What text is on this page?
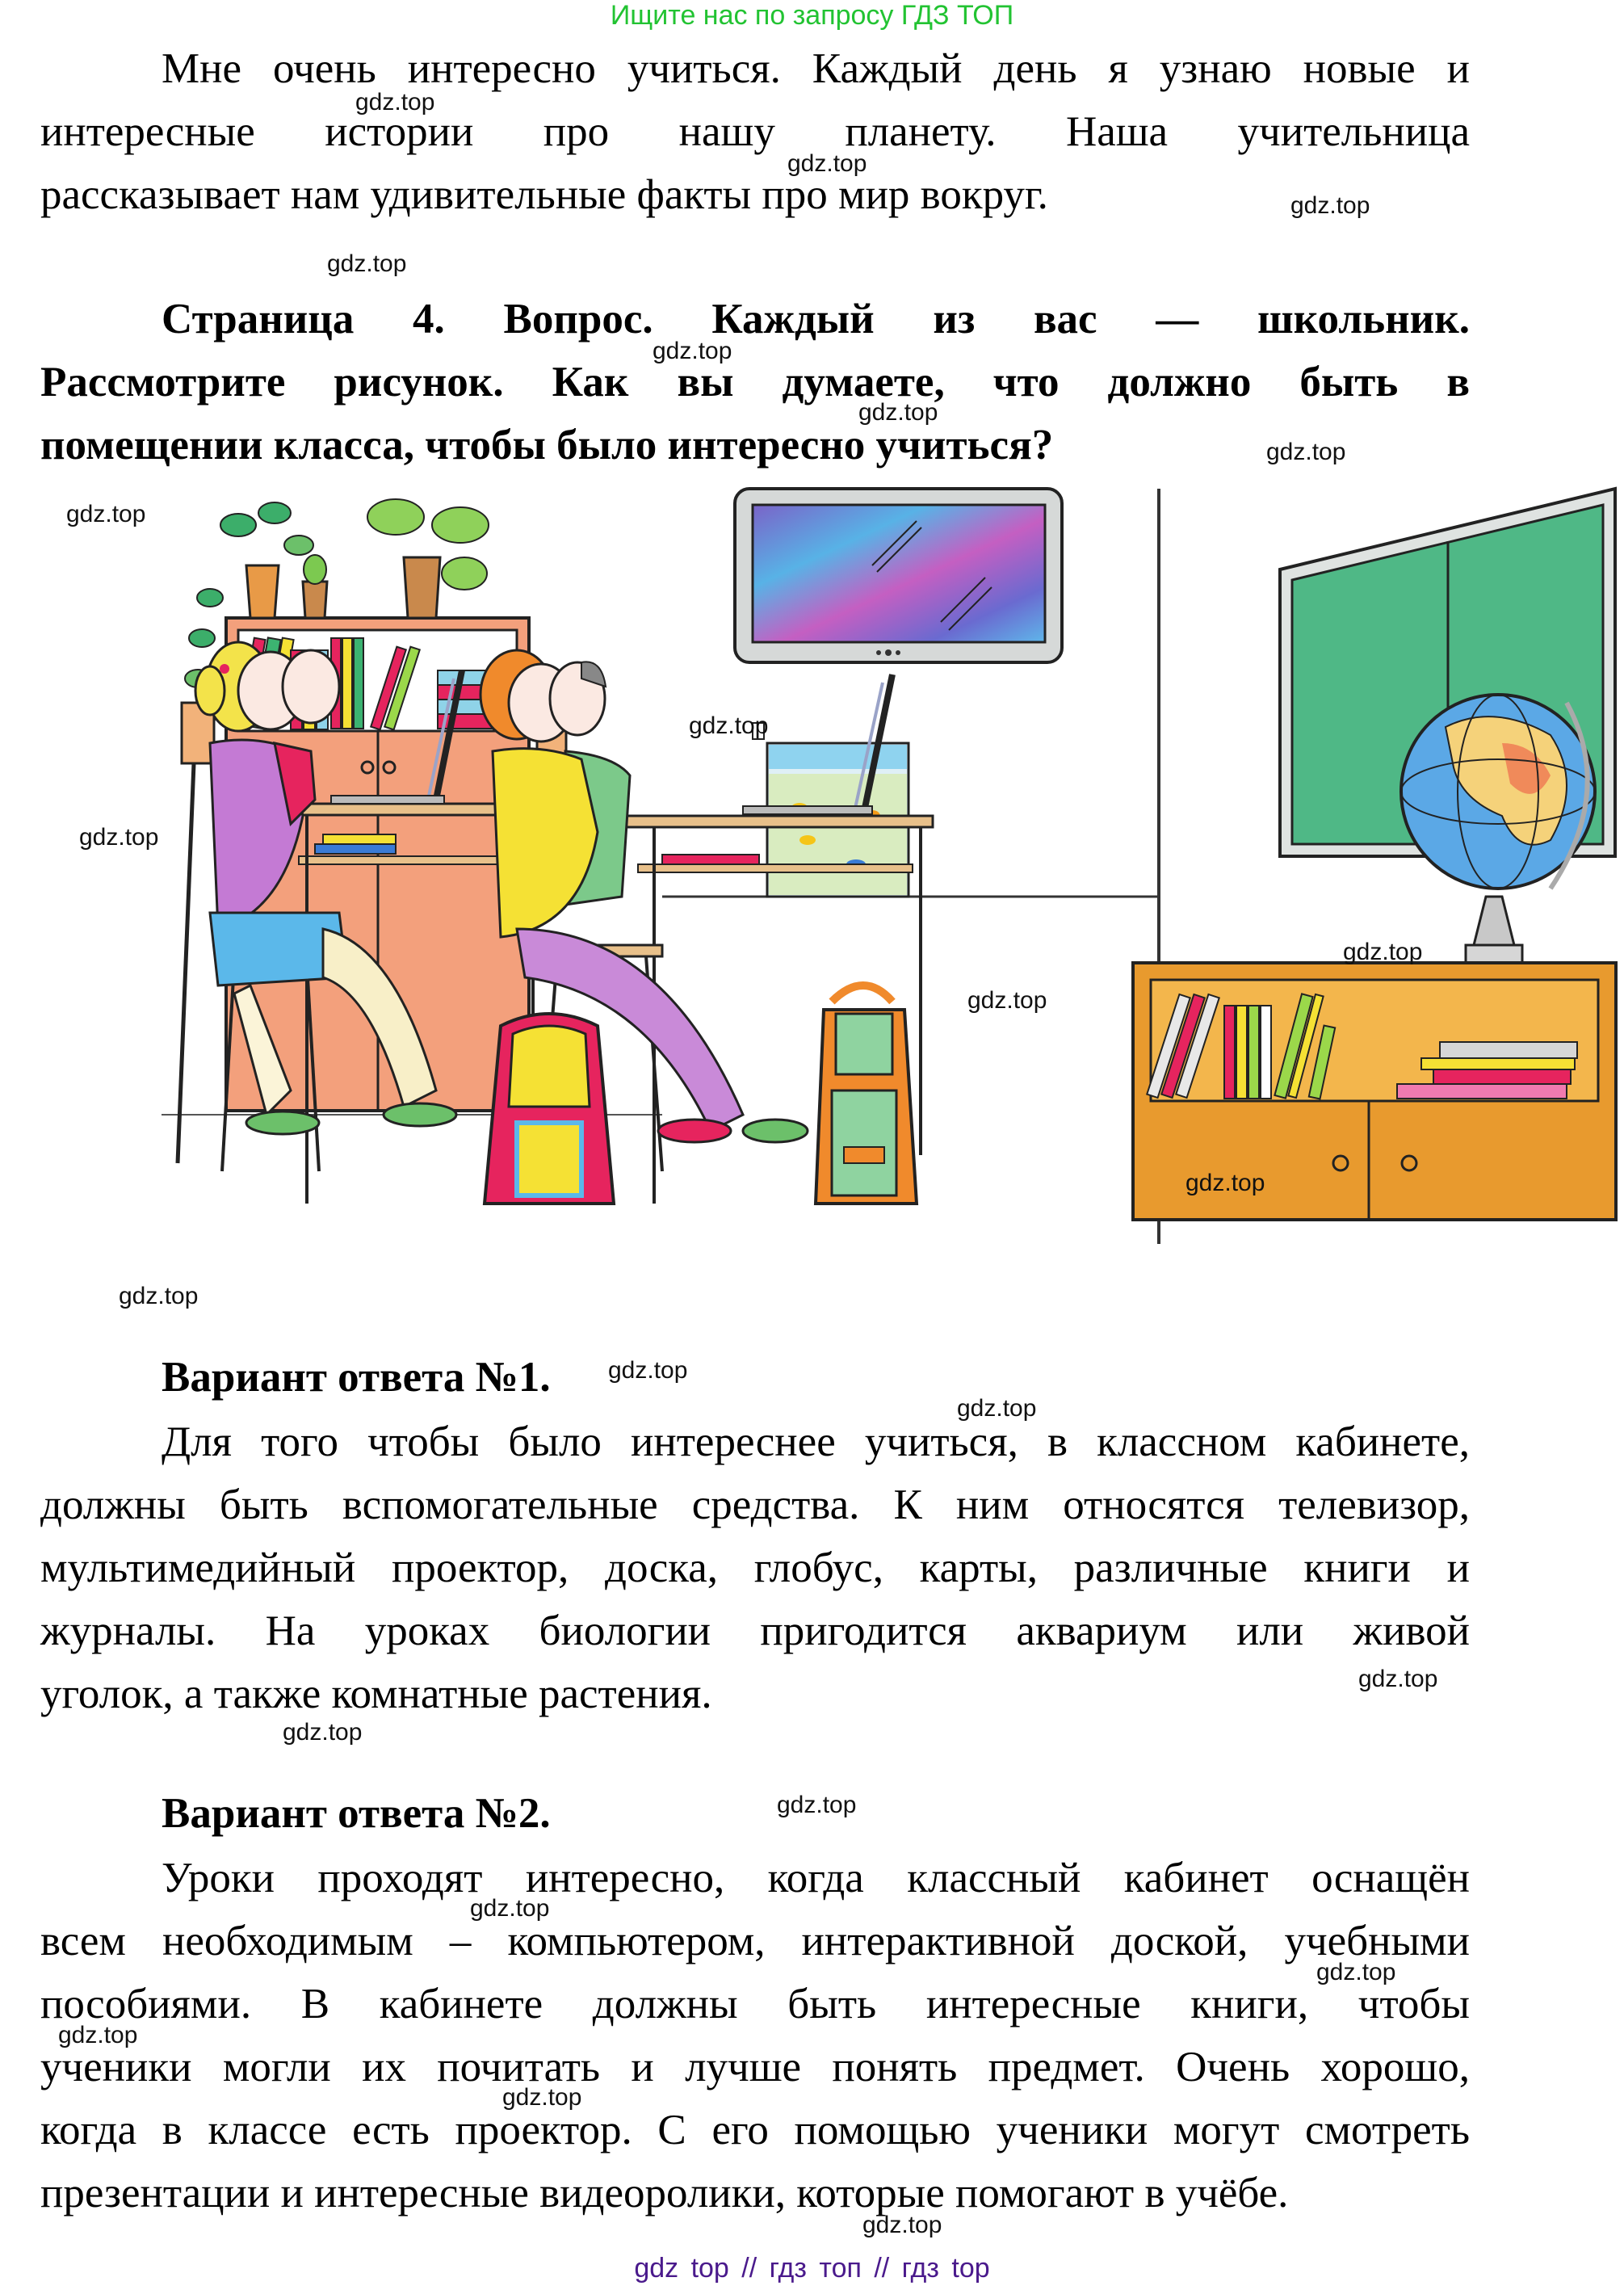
Ищите нас по запросу ГДЗ ТОП
Мне очень интересно учиться. Каждый день я узнаю новые и
интересные истории про нашу планету. Наша учительница
рассказывает нам удивительные факты про мир вокруг.
Страница 4. Вопрос. Каждый из вас — школьник.
Рассмотрите рисунок. Как вы думаете, что должно быть в
помещении класса, чтобы было интересно учиться?
Вариант ответа №1.
Для того чтобы было интереснее учиться, в классном кабинете,
должны быть вспомогательные средства. К ним относятся телевизор,
мультимедийный проектор, доска, глобус, карты, различные книги и
журналы. На уроках биологии пригодится аквариум или живой
уголок, а также комнатные растения.
Вариант ответа №2.
Уроки проходят интересно, когда классный кабинет оснащён
всем необходимым – компьютером, интерактивной доской, учебными
пособиями. В кабинете должны быть интересные книги, чтобы
ученики могли их почитать и лучше понять предмет. Очень хорошо,
когда в классе есть проектор. С его помощью ученики могут смотреть
презентации и интересные видеоролики, которые помогают в учёбе.
gdz.top
gdz.top
gdz.top
gdz.top
gdz.top
gdz.top
gdz.top
gdz.top
gdz.top
gdz.top
gdz.top
gdz.top
gdz.top
gdz.top
gdz.top
gdz.top
gdz.top
gdz.top
gdz.top
gdz.top
gdz.top
gdz.top
gdz.top
gdz.top
gdz top // гдз топ // гдз top
